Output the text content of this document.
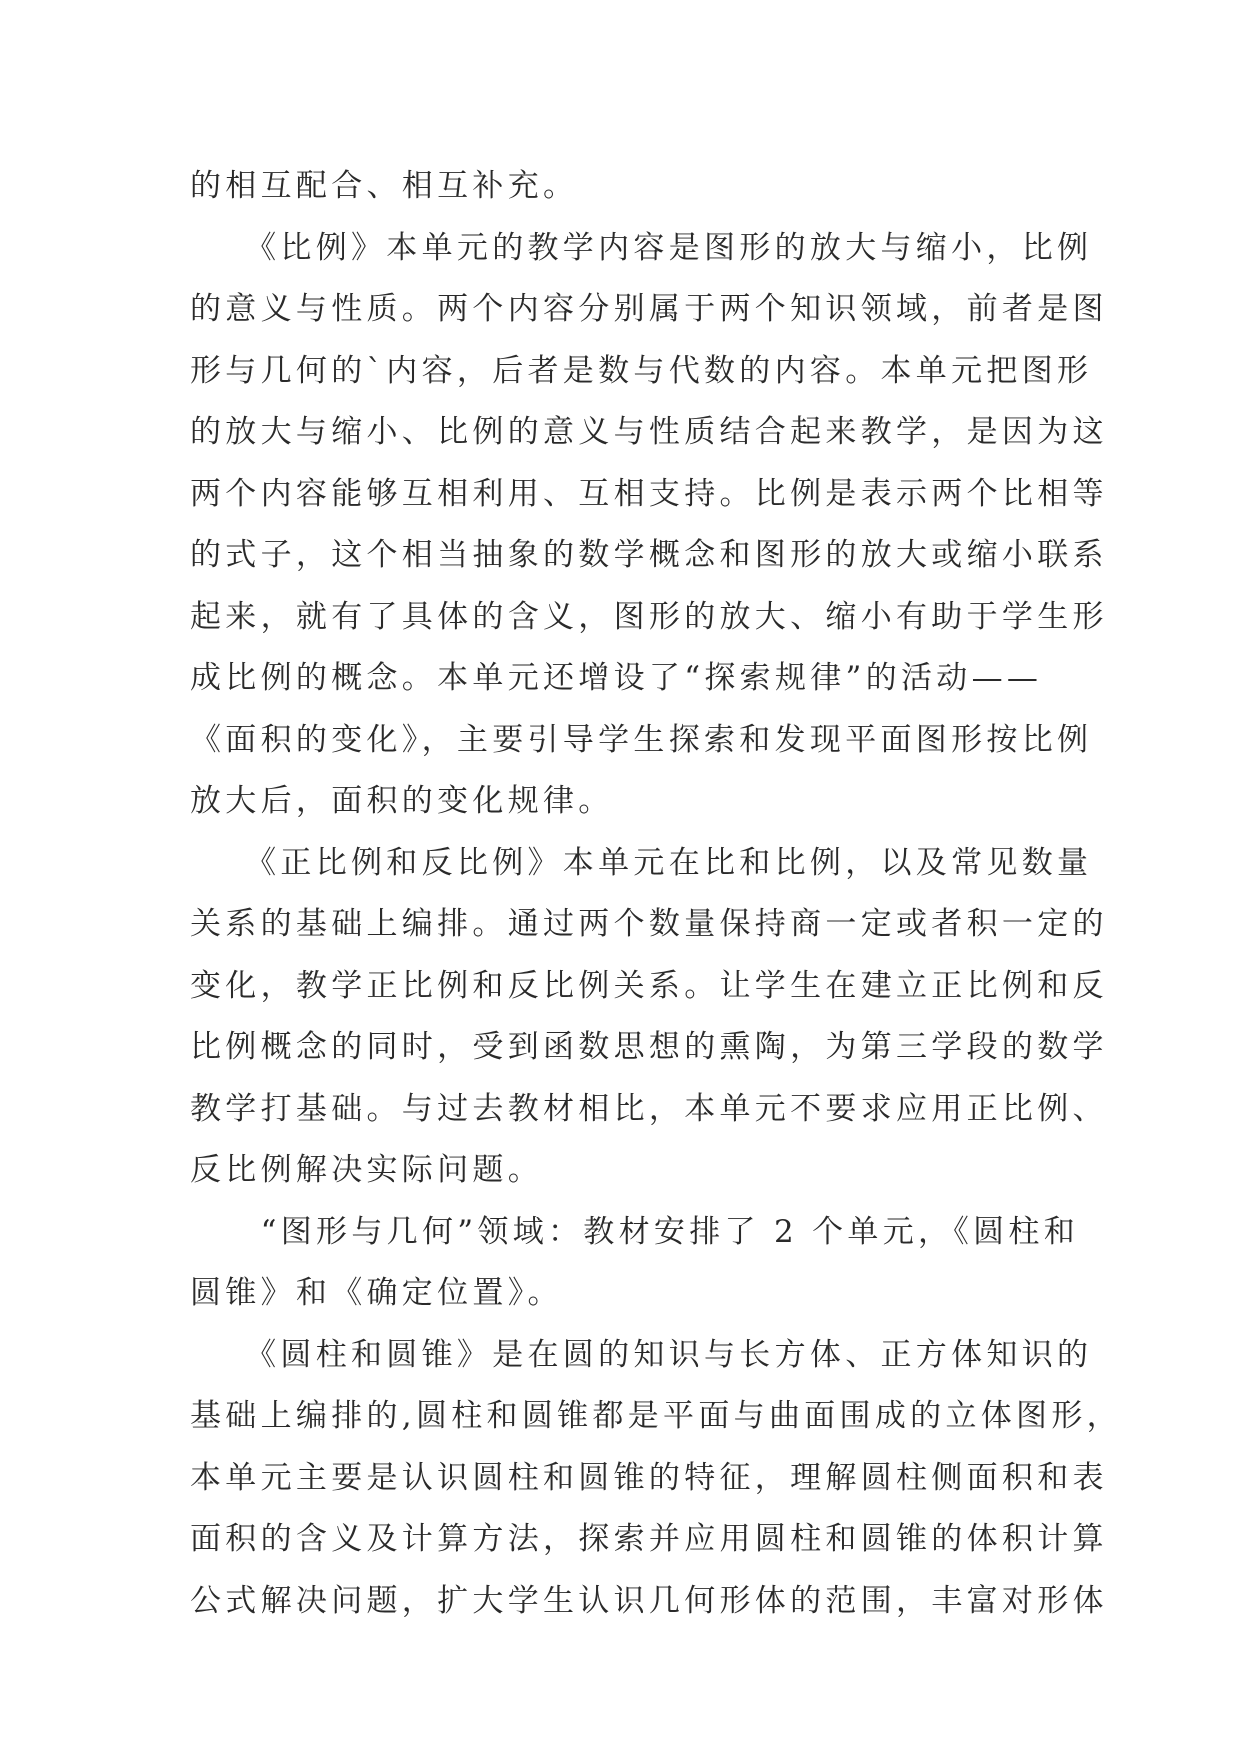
的相互配合、相互补充。
　　《比例》本单元的教学内容是图形的放大与缩小，比例
的意义与性质。两个内容分别属于两个知识领域，前者是图
形与几何的`内容，后者是数与代数的内容。本单元把图形
的放大与缩小、比例的意义与性质结合起来教学，是因为这
两个内容能够互相利用、互相支持。比例是表示两个比相等
的式子，这个相当抽象的数学概念和图形的放大或缩小联系
起来，就有了具体的含义，图形的放大、缩小有助于学生形
成比例的概念。本单元还增设了“探索规律”的活动——
《面积的变化》，主要引导学生探索和发现平面图形按比例
放大后，面积的变化规律。
　　《正比例和反比例》本单元在比和比例，以及常见数量
关系的基础上编排。通过两个数量保持商一定或者积一定的
变化，教学正比例和反比例关系。让学生在建立正比例和反
比例概念的同时，受到函数思想的熏陶，为第三学段的数学
教学打基础。与过去教材相比，本单元不要求应用正比例、
反比例解决实际问题。
　　“图形与几何”领域：教材安排了 2 个单元，《圆柱和
圆锥》和《确定位置》。
　　《圆柱和圆锥》是在圆的知识与长方体、正方体知识的
基础上编排的,圆柱和圆锥都是平面与曲面围成的立体图形，
本单元主要是认识圆柱和圆锥的特征，理解圆柱侧面积和表
面积的含义及计算方法，探索并应用圆柱和圆锥的体积计算
公式解决问题，扩大学生认识几何形体的范围，丰富对形体
